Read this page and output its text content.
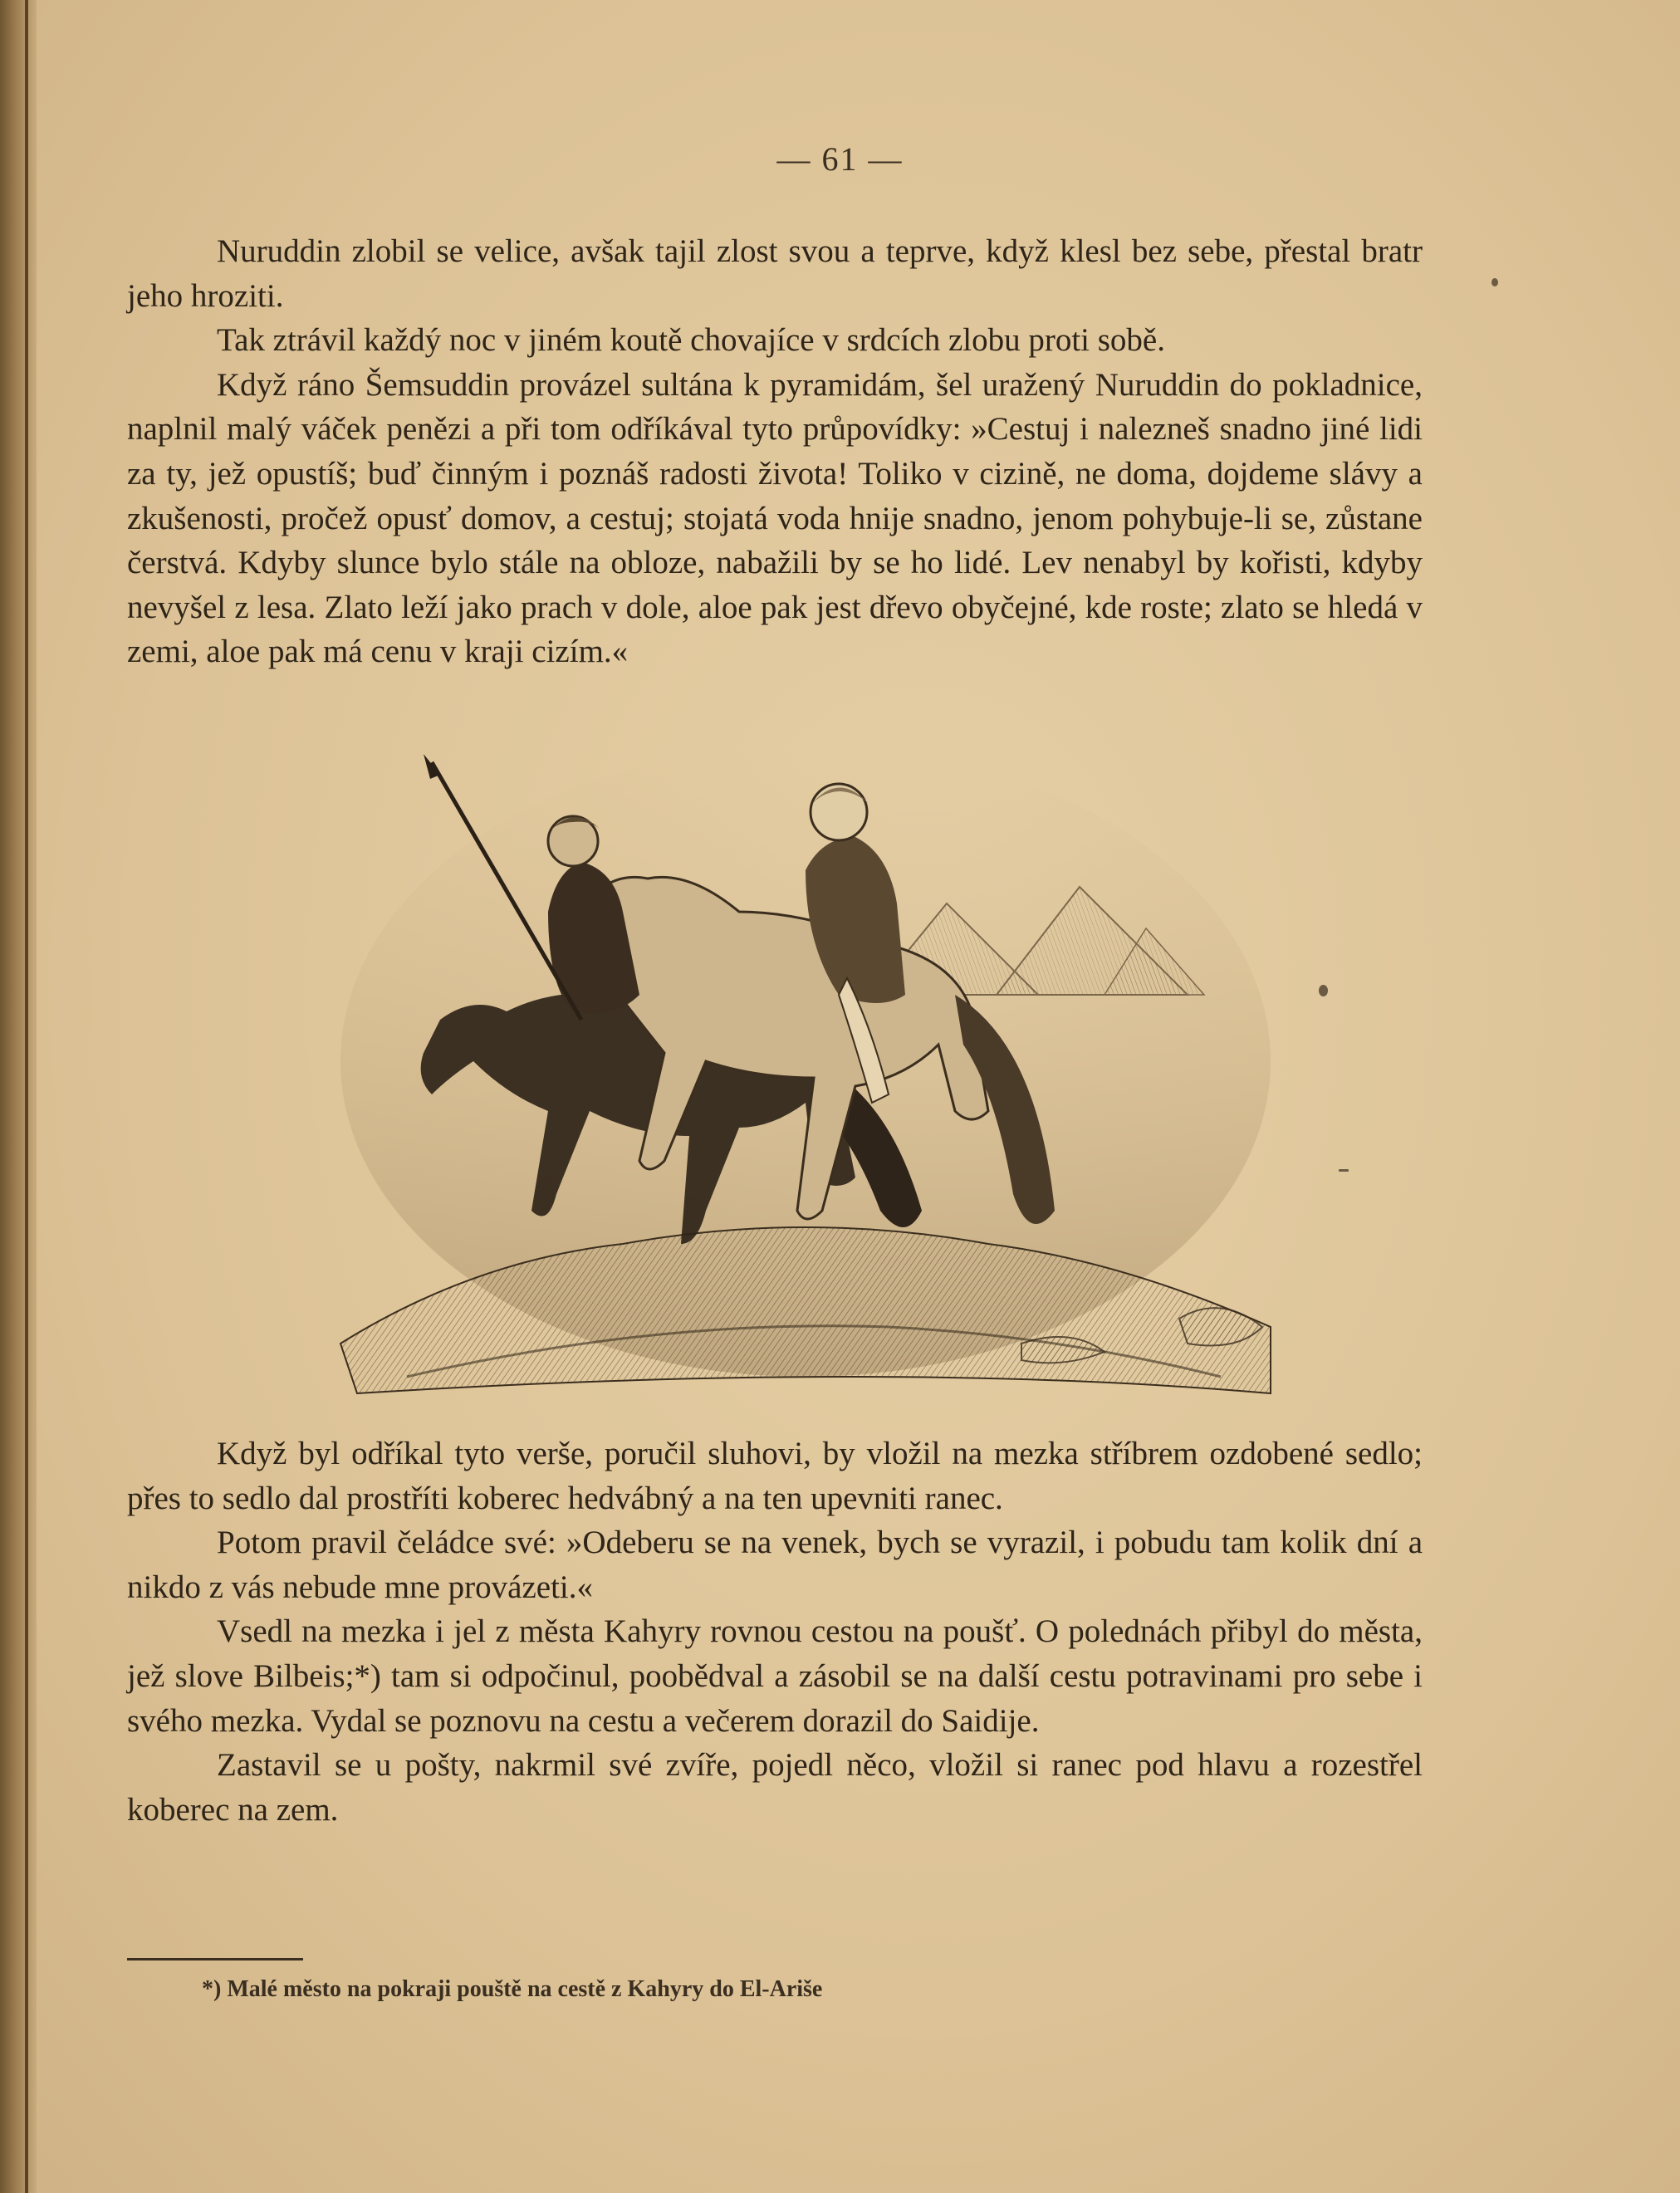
— 61 —

Nuruddin zlobil se velice, avšak tajil zlost svou a teprve, když klesl bez sebe, přestal bratr jeho hroziti.

Tak ztrávil každý noc v jiném koutě chovajíce v srdcích zlobu proti sobě.

Když ráno Šemsuddin provázel sultána k pyramidám, šel uražený Nuruddin do pokladnice, naplnil malý váček penězi a při tom odříkával tyto průpovídky: »Cestuj i nalezneš snadno jiné lidi za ty, jež opustíš; buď činným i poznáš radosti života! Toliko v cizině, ne doma, dojdeme slávy a zkušenosti, pročež opusť domov, a cestuj; stojatá voda hnije snadno, jenom pohybuje-li se, zůstane čerstvá. Kdyby slunce bylo stále na obloze, nabažili by se ho lidé. Lev nenabyl by kořisti, kdyby nevyšel z lesa. Zlato leží jako prach v dole, aloe pak jest dřevo obyčejné, kde roste; zlato se hledá v zemi, aloe pak má cenu v kraji cizím.«

Když byl odříkal tyto verše, poručil sluhovi, by vložil na mezka stříbrem ozdobené sedlo; přes to sedlo dal prostříti koberec hedvábný a na ten upevniti ranec.

Potom pravil čeládce své: »Odeberu se na venek, bych se vyrazil, i pobudu tam kolik dní a nikdo z vás nebude mne provázeti.«

Vsedl na mezka i jel z města Kahyry rovnou cestou na poušť. O polednách přibyl do města, jež slove Bilbeis;*) tam si odpočinul, poobědval a zásobil se na další cestu potravinami pro sebe i svého mezka. Vydal se poznovu na cestu a večerem dorazil do Saidije.

Zastavil se u pošty, nakrmil své zvíře, pojedl něco, vložil si ranec pod hlavu a rozestřel koberec na zem.

*) Malé město na pokraji pouště na cestě z Kahyry do El-Ariše
